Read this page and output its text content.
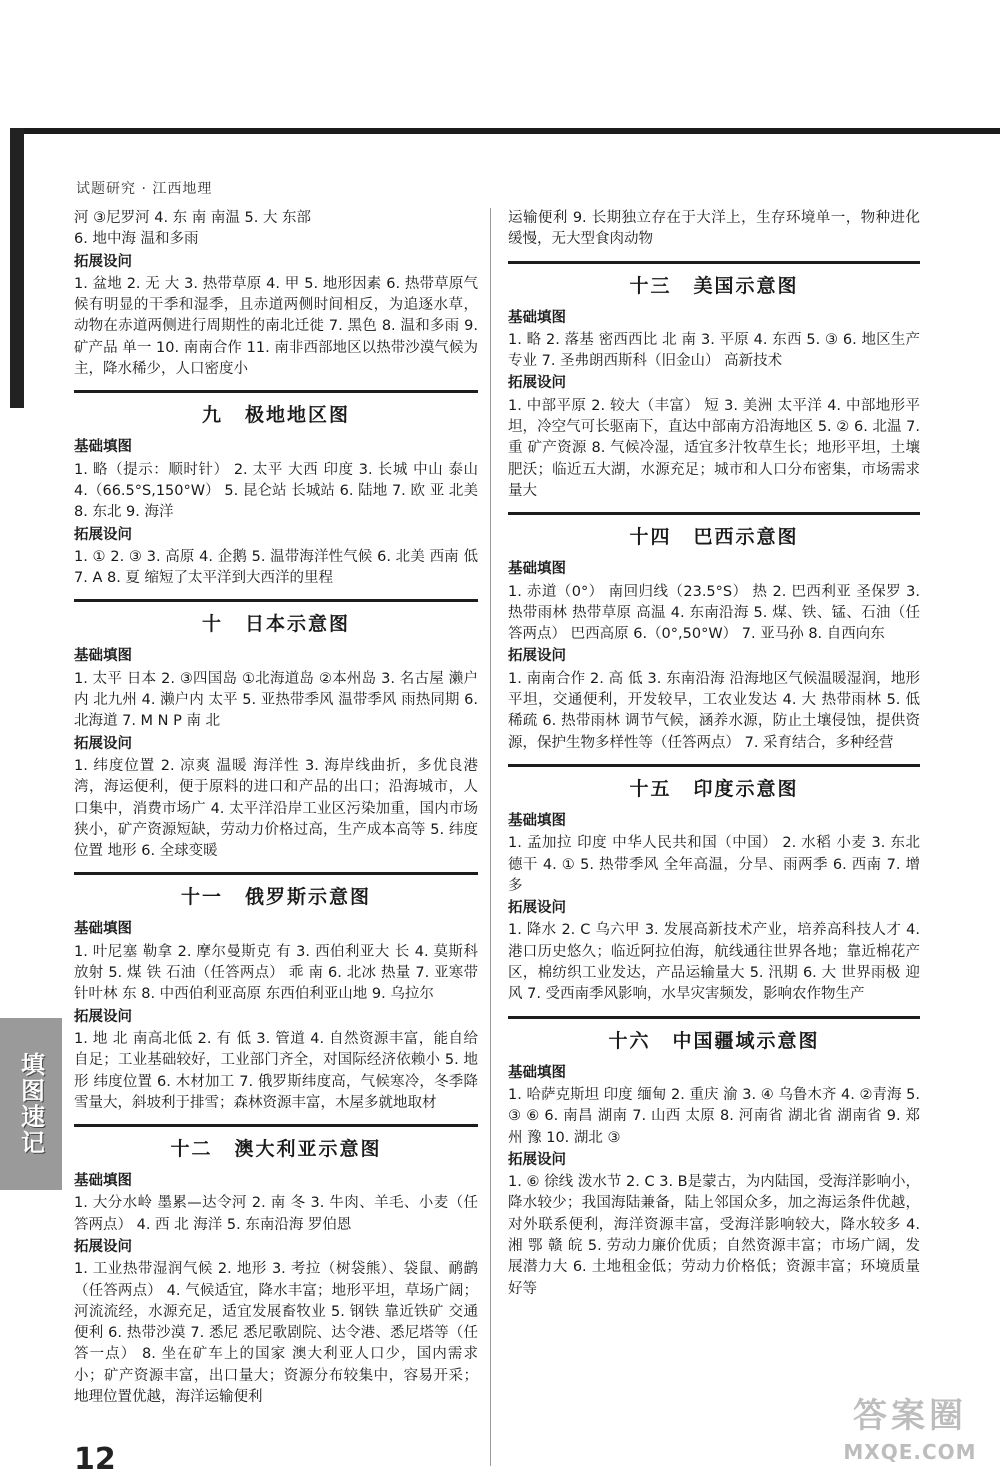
试题研究 · 江西地理

河 ③尼罗河 4. 东 南 南温 5. 大 东部

6. 地中海 温和多雨

拓展设问

1. 盆地 2. 无 大 3. 热带草原 4. 甲 5. 地形因素 6. 热带草原气候有明显的干季和湿季，且赤道两侧时间相反，为追逐水草，动物在赤道两侧进行周期性的南北迁徙 7. 黑色 8. 温和多雨 9. 矿产品 单一 10. 南南合作 11. 南非西部地区以热带沙漠气候为主，降水稀少，人口密度小

九 极地地区图
基础填图

1. 略（提示：顺时针） 2. 太平 大西 印度 3. 长城 中山 泰山 4.（66.5°S,150°W） 5. 昆仑站 长城站 6. 陆地 7. 欧 亚 北美 8. 东北 9. 海洋

拓展设问

1. ① 2. ③ 3. 高原 4. 企鹅 5. 温带海洋性气候 6. 北美 西南 低 7. A 8. 夏 缩短了太平洋到大西洋的里程

十 日本示意图
基础填图

1. 太平 日本 2. ③四国岛 ①北海道岛 ②本州岛 3. 名古屋 濑户内 北九州 4. 濑户内 太平 5. 亚热带季风 温带季风 雨热同期 6. 北海道 7. M N P 南 北

拓展设问

1. 纬度位置 2. 凉爽 温暖 海洋性 3. 海岸线曲折，多优良港湾，海运便利，便于原料的进口和产品的出口；沿海城市，人口集中，消费市场广 4. 太平洋沿岸工业区污染加重，国内市场狭小，矿产资源短缺，劳动力价格过高，生产成本高等 5. 纬度位置 地形 6. 全球变暖

十一 俄罗斯示意图
基础填图

1. 叶尼塞 勒拿 2. 摩尔曼斯克 有 3. 西伯利亚大 长 4. 莫斯科 放射 5. 煤 铁 石油（任答两点） 乖 南 6. 北冰 热量 7. 亚寒带针叶林 东 8. 中西伯利亚高原 东西伯利亚山地 9. 乌拉尔

拓展设问

1. 地 北 南高北低 2. 有 低 3. 管道 4. 自然资源丰富，能自给自足；工业基础较好，工业部门齐全，对国际经济依赖小 5. 地形 纬度位置 6. 木材加工 7. 俄罗斯纬度高，气候寒冷，冬季降雪量大，斜坡利于排雪；森林资源丰富，木屋多就地取材

十二 澳大利亚示意图
基础填图

1. 大分水岭 墨累—达令河 2. 南 冬 3. 牛肉、羊毛、小麦（任答两点） 4. 西 北 海洋 5. 东南沿海 罗伯恩

拓展设问

1. 工业热带湿润气候 2. 地形 3. 考拉（树袋熊）、袋鼠、鸸鹋（任答两点） 4. 气候适宜，降水丰富；地形平坦，草场广阔；河流流经，水源充足，适宜发展畜牧业 5. 钢铁 靠近铁矿 交通便利 6. 热带沙漠 7. 悉尼 悉尼歌剧院、达令港、悉尼塔等（任答一点） 8. 坐在矿车上的国家 澳大利亚人口少，国内需求小；矿产资源丰富，出口量大；资源分布较集中，容易开采；地理位置优越，海洋运输便利

运输便利 9. 长期独立存在于大洋上，生存环境单一，物种进化缓慢，无大型食肉动物

十三 美国示意图
基础填图

1. 略 2. 落基 密西西比 北 南 3. 平原 4. 东西 5. ③ 6. 地区生产专业 7. 圣弗朗西斯科（旧金山） 高新技术

拓展设问

1. 中部平原 2. 较大（丰富） 短 3. 美洲 太平洋 4. 中部地形平坦，冷空气可长驱南下，直达中部南方沿海地区 5. ② 6. 北温 7. 重 矿产资源 8. 气候冷湿，适宜多汁牧草生长；地形平坦，土壤肥沃；临近五大湖，水源充足；城市和人口分布密集，市场需求量大

十四 巴西示意图
基础填图

1. 赤道（0°） 南回归线（23.5°S） 热 2. 巴西利亚 圣保罗 3. 热带雨林 热带草原 高温 4. 东南沿海 5. 煤、铁、锰、石油（任答两点） 巴西高原 6.（0°,50°W） 7. 亚马孙 8. 自西向东

拓展设问

1. 南南合作 2. 高 低 3. 东南沿海 沿海地区气候温暖湿润，地形平坦，交通便利，开发较早，工农业发达 4. 大 热带雨林 5. 低 稀疏 6. 热带雨林 调节气候，涵养水源，防止土壤侵蚀，提供资源，保护生物多样性等（任答两点） 7. 采育结合，多种经营

十五 印度示意图
基础填图

1. 孟加拉 印度 中华人民共和国（中国） 2. 水稻 小麦 3. 东北 德干 4. ① 5. 热带季风 全年高温，分旱、雨两季 6. 西南 7. 增多

拓展设问

1. 降水 2. C 乌六甲 3. 发展高新技术产业，培养高科技人才 4. 港口历史悠久；临近阿拉伯海，航线通往世界各地；靠近棉花产区，棉纺织工业发达，产品运输量大 5. 汛期 6. 大 世界雨极 迎风 7. 受西南季风影响，水旱灾害频发，影响农作物生产

十六 中国疆域示意图
基础填图

1. 哈萨克斯坦 印度 缅甸 2. 重庆 渝 3. ④ 乌鲁木齐 4. ②青海 5. ③ ⑥ 6. 南昌 湖南 7. 山西 太原 8. 河南省 湖北省 湖南省 9. 郑州 豫 10. 湖北 ③

拓展设问

1. ⑥ 徐线 泼水节 2. C 3. B是蒙古，为内陆国，受海洋影响小，降水较少；我国海陆兼备，陆上邻国众多，加之海运条件优越，对外联系便利，海洋资源丰富，受海洋影响较大，降水较多 4. 湘 鄂 赣 皖 5. 劳动力廉价优质；自然资源丰富；市场广阔，发展潜力大 6. 土地租金低；劳动力价格低；资源丰富；环境质量好等

填图速记
12
答案圈
MXQE.COM
